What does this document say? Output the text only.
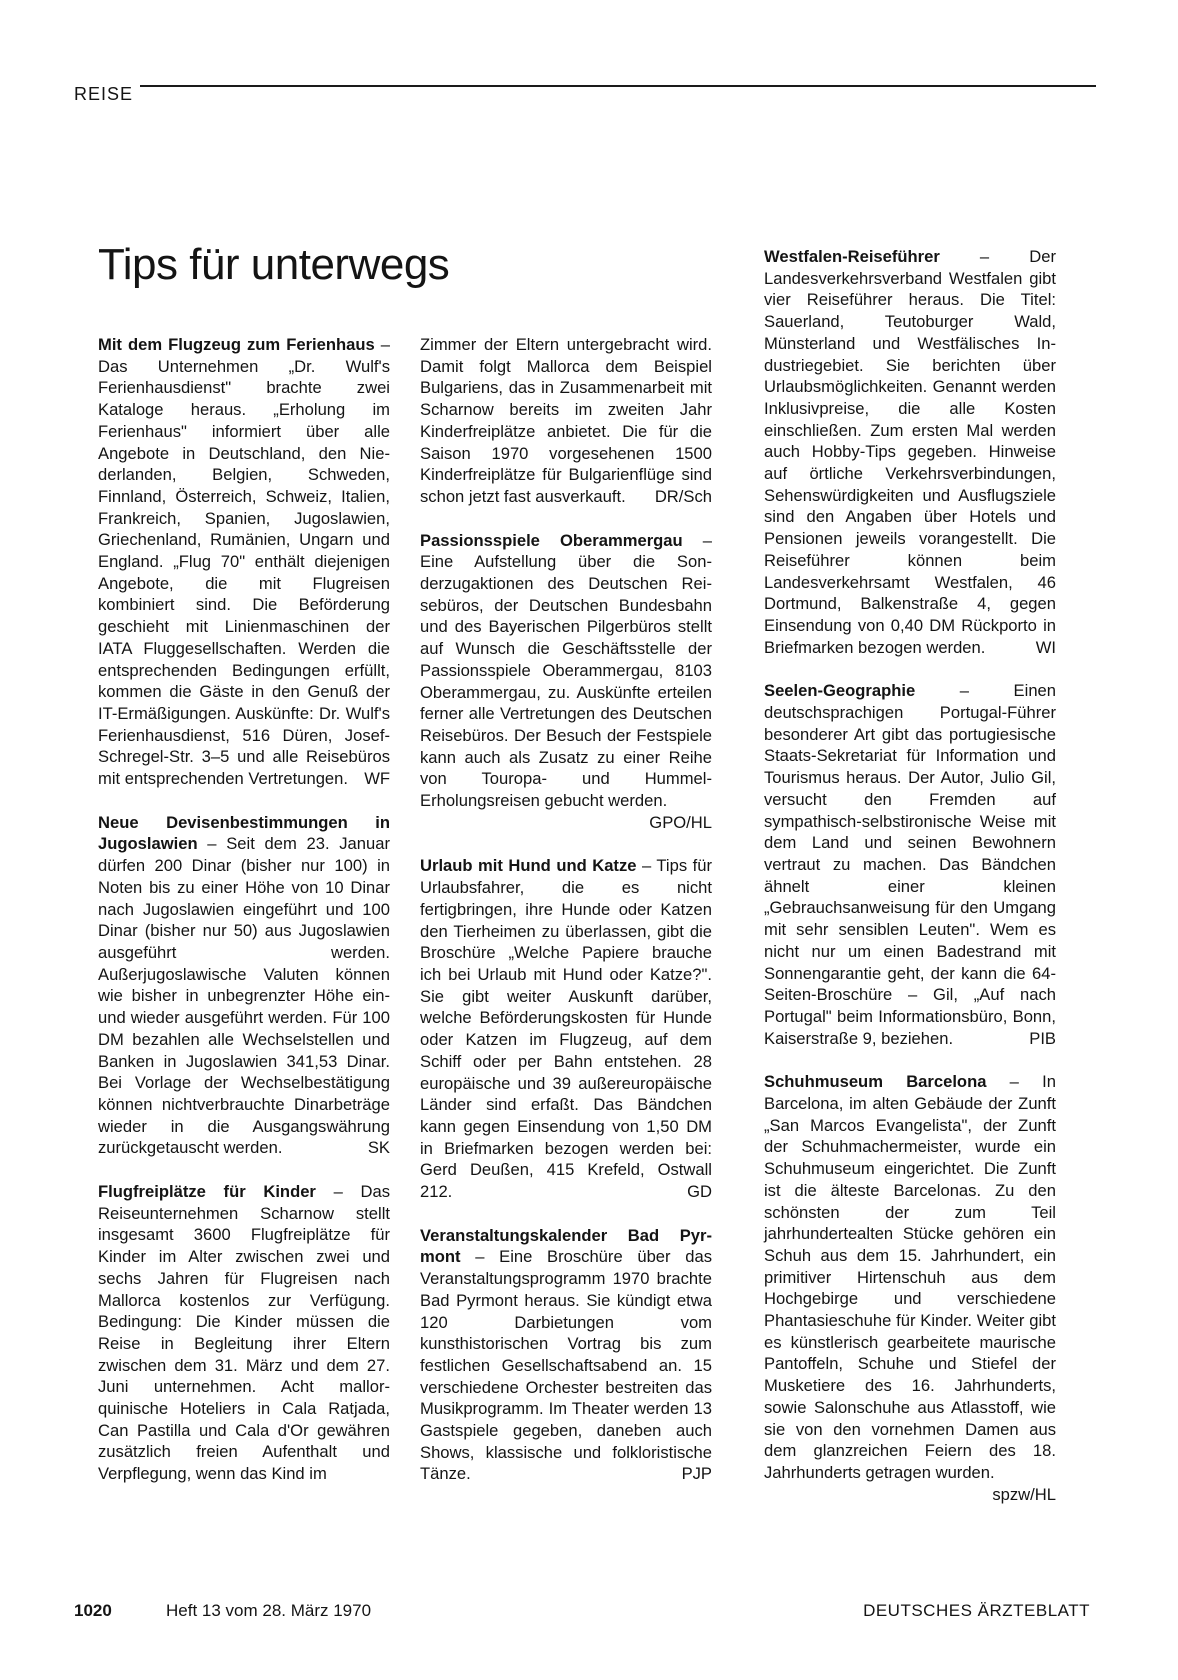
REISE
Tips für unterwegs

Mit dem Flugzeug zum Ferienhaus – Das Unternehmen „Dr. Wulf's Ferienhausdienst" brachte zwei Kataloge heraus. „Erholung im Ferienhaus" informiert über alle Angebote in Deutschland, den Niederlanden, Belgien, Schweden, Finnland, Österreich, Schweiz, Italien, Frankreich, Spanien, Jugoslawien, Griechenland, Rumänien, Ungarn und England. „Flug 70" enthält diejenigen Angebote, die mit Flugreisen kombiniert sind. Die Beförderung geschieht mit Linienmaschinen der IATA Fluggesellschaften. Werden die entsprechenden Bedingungen erfüllt, kommen die Gäste in den Genuß der IT-Ermäßigungen. Auskünfte: Dr. Wulf's Ferienhausdienst, 516 Düren, Josef-Schregel-Str. 3–5 und alle Reisebüros mit entsprechenden Vertretungen. WF

Neue Devisenbestimmungen in Jugoslawien – Seit dem 23. Januar dürfen 200 Dinar (bisher nur 100) in Noten bis zu einer Höhe von 10 Dinar nach Jugoslawien eingeführt und 100 Dinar (bisher nur 50) aus Jugoslawien ausgeführt werden. Außerjugoslawische Valuten können wie bisher in unbegrenzter Höhe ein- und wieder ausgeführt werden. Für 100 DM bezahlen alle Wechselstellen und Banken in Jugoslawien 341,53 Dinar. Bei Vorlage der Wechselbestätigung können nichtverbrauchte Dinarbeträge wieder in die Ausgangswährung zurückgetauscht werden.	SK

Flugfreiplätze für Kinder – Das Reiseunternehmen Scharnow stellt insgesamt 3600 Flugfreiplätze für Kinder im Alter zwischen zwei und sechs Jahren für Flugreisen nach Mallorca kostenlos zur Verfügung. Bedingung: Die Kinder müssen die Reise in Begleitung ihrer Eltern zwischen dem 31. März und dem 27. Juni unternehmen. Acht mallorquinische Hoteliers in Cala Ratjada, Can Pastilla und Cala d'Or gewähren zusätzlich freien Aufenthalt und Verpflegung, wenn das Kind im

Zimmer der Eltern untergebracht wird. Damit folgt Mallorca dem Beispiel Bulgariens, das in Zusammenarbeit mit Scharnow bereits im zweiten Jahr Kinderfreiplätze anbietet. Die für die Saison 1970 vorgesehenen 1500 Kinderfreiplätze für Bulgarienflüge sind schon jetzt fast ausverkauft.	DR/Sch

Passionsspiele Oberammergau – Eine Aufstellung über die Sonderzugaktionen des Deutschen Reisebüros, der Deutschen Bundesbahn und des Bayerischen Pilgerbüros stellt auf Wunsch die Geschäftsstelle der Passionsspiele Oberammergau, 8103 Oberammergau, zu. Auskünfte erteilen ferner alle Vertretungen des Deutschen Reisebüros. Der Besuch der Festspiele kann auch als Zusatz zu einer Reihe von Touropa- und Hummel-Erholungsreisen gebucht werden.
GPO/HL

Urlaub mit Hund und Katze – Tips für Urlaubsfahrer, die es nicht fertigbringen, ihre Hunde oder Katzen den Tierheimen zu überlassen, gibt die Broschüre „Welche Papiere brauche ich bei Urlaub mit Hund oder Katze?". Sie gibt weiter Auskunft darüber, welche Beförderungskosten für Hunde oder Katzen im Flugzeug, auf dem Schiff oder per Bahn entstehen. 28 europäische und 39 außereuropäische Länder sind erfaßt. Das Bändchen kann gegen Einsendung von 1,50 DM in Briefmarken bezogen werden bei: Gerd Deußen, 415 Krefeld, Ostwall 212.	GD

Veranstaltungskalender Bad Pyrmont – Eine Broschüre über das Veranstaltungsprogramm 1970 brachte Bad Pyrmont heraus. Sie kündigt etwa 120 Darbietungen vom kunsthistorischen Vortrag bis zum festlichen Gesellschaftsabend an. 15 verschiedene Orchester bestreiten das Musikprogramm. Im Theater werden 13 Gastspiele gegeben, daneben auch Shows, klassische und folkloristische Tänze.	PJP

Westfalen-Reiseführer – Der Landesverkehrsverband Westfalen gibt vier Reiseführer heraus. Die Titel: Sauerland, Teutoburger Wald, Münsterland und Westfälisches Industriegebiet. Sie berichten über Urlaubsmöglichkeiten. Genannt werden Inklusivpreise, die alle Kosten einschließen. Zum ersten Mal werden auch Hobby-Tips gegeben. Hinweise auf örtliche Verkehrsverbindungen, Sehenswürdigkeiten und Ausflugsziele sind den Angaben über Hotels und Pensionen jeweils vorangestellt. Die Reiseführer können beim Landesverkehrsamt Westfalen, 46 Dortmund, Balkenstraße 4, gegen Einsendung von 0,40 DM Rückporto in Briefmarken bezogen werden.	WI

Seelen-Geographie – Einen deutschsprachigen Portugal-Führer besonderer Art gibt das portugiesische Staats-Sekretariat für Information und Tourismus heraus. Der Autor, Julio Gil, versucht den Fremden auf sympathisch-selbstironische Weise mit dem Land und seinen Bewohnern vertraut zu machen. Das Bändchen ähnelt einer kleinen „Gebrauchsanweisung für den Umgang mit sehr sensiblen Leuten". Wem es nicht nur um einen Badestrand mit Sonnengarantie geht, der kann die 64-Seiten-Broschüre – Gil, „Auf nach Portugal" beim Informationsbüro, Bonn, Kaiserstraße 9, beziehen.	PIB

Schuhmuseum Barcelona – In Barcelona, im alten Gebäude der Zunft „San Marcos Evangelista", der Zunft der Schuhmachermeister, wurde ein Schuhmuseum eingerichtet. Die Zunft ist die älteste Barcelonas. Zu den schönsten der zum Teil jahrhundertealten Stücke gehören ein Schuh aus dem 15. Jahrhundert, ein primitiver Hirtenschuh aus dem Hochgebirge und verschiedene Phantasieschuhe für Kinder. Weiter gibt es künstlerisch gearbeitete maurische Pantoffeln, Schuhe und Stiefel der Musketiere des 16. Jahrhunderts, sowie Salonschuhe aus Atlasstoff, wie sie von den vornehmen Damen aus dem glanzreichen Feiern des 18. Jahrhunderts getragen wurden.
spzw/HL

1020	Heft 13 vom 28. März 1970	DEUTSCHES ÄRZTEBLATT
